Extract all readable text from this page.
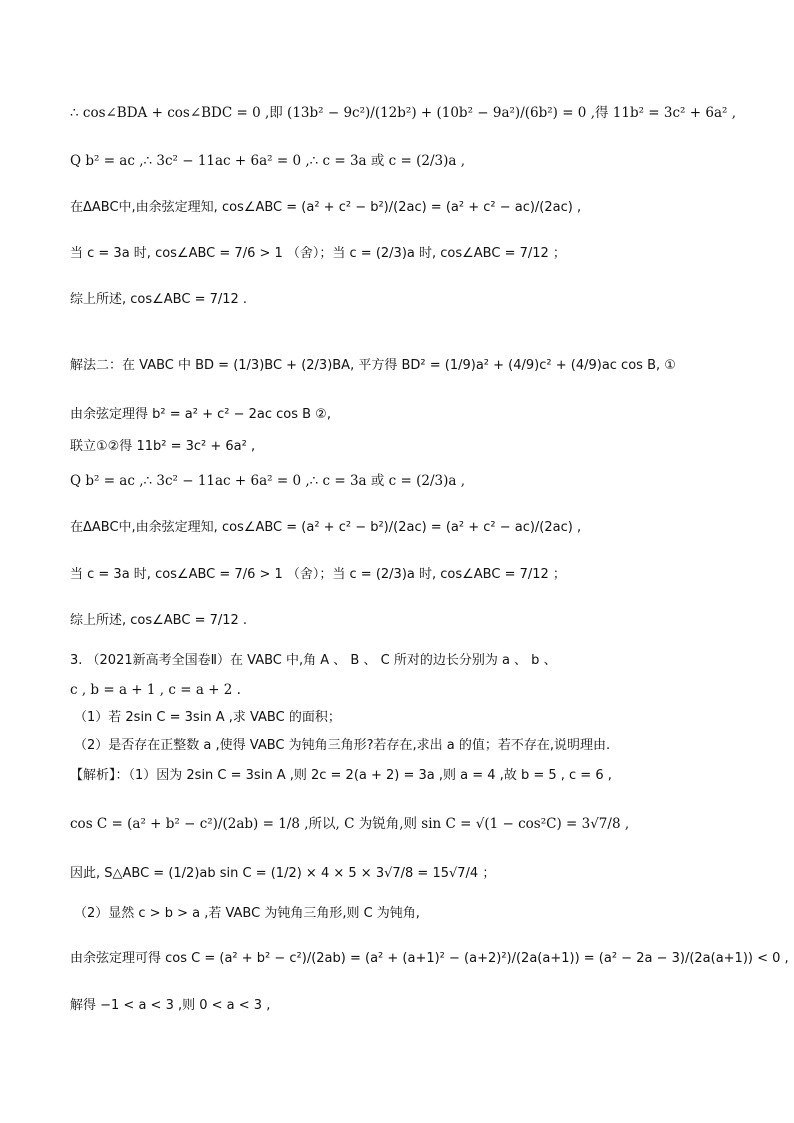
∴ cos∠BDA + cos∠BDC = 0 ,即 (13b² − 9c²)/(12b²) + (10b² − 9a²)/(6b²) = 0 ,得 11b² = 3c² + 6a² ,
Q b² = ac ,∴ 3c² − 11ac + 6a² = 0 ,∴ c = 3a 或 c = (2/3)a ,
在ΔABC中,由余弦定理知, cos∠ABC = (a² + c² − b²)/(2ac) = (a² + c² − ac)/(2ac) ,
当 c = 3a 时, cos∠ABC = 7/6 > 1 （舍）；当 c = (2/3)a 时, cos∠ABC = 7/12 ；
综上所述, cos∠ABC = 7/12 .
解法二：在 VABC 中 BD = (1/3)BC + (2/3)BA, 平方得 BD² = (1/9)a² + (4/9)c² + (4/9)ac cos B, ①
由余弦定理得 b² = a² + c² − 2ac cos B ②,
联立①②得 11b² = 3c² + 6a² ,
Q b² = ac ,∴ 3c² − 11ac + 6a² = 0 ,∴ c = 3a 或 c = (2/3)a ,
在ΔABC中,由余弦定理知, cos∠ABC = (a² + c² − b²)/(2ac) = (a² + c² − ac)/(2ac) ,
当 c = 3a 时, cos∠ABC = 7/6 > 1 （舍）；当 c = (2/3)a 时, cos∠ABC = 7/12 ；
综上所述, cos∠ABC = 7/12 .
3. （2021新高考全国卷Ⅱ）在 VABC 中,角 A 、 B 、 C 所对的边长分别为 a 、 b 、
c , b = a + 1 , c = a + 2 .
（1）若 2sin C = 3sin A ,求 VABC 的面积；
（2）是否存在正整数 a ,使得 VABC 为钝角三角形?若存在,求出 a 的值；若不存在,说明理由.
【解析】：（1）因为 2sin C = 3sin A ,则 2c = 2(a + 2) = 3a ,则 a = 4 ,故 b = 5 , c = 6 ,
cos C = (a² + b² − c²)/(2ab) = 1/8 ,所以, C 为锐角,则 sin C = √(1 − cos²C) = 3√7/8 ,
因此, S△ABC = (1/2)ab sin C = (1/2) × 4 × 5 × 3√7/8 = 15√7/4 ；
（2）显然 c > b > a ,若 VABC 为钝角三角形,则 C 为钝角,
由余弦定理可得 cos C = (a² + b² − c²)/(2ab) = (a² + (a+1)² − (a+2)²)/(2a(a+1)) = (a² − 2a − 3)/(2a(a+1)) < 0 ,
解得 −1 < a < 3 ,则 0 < a < 3 ,
